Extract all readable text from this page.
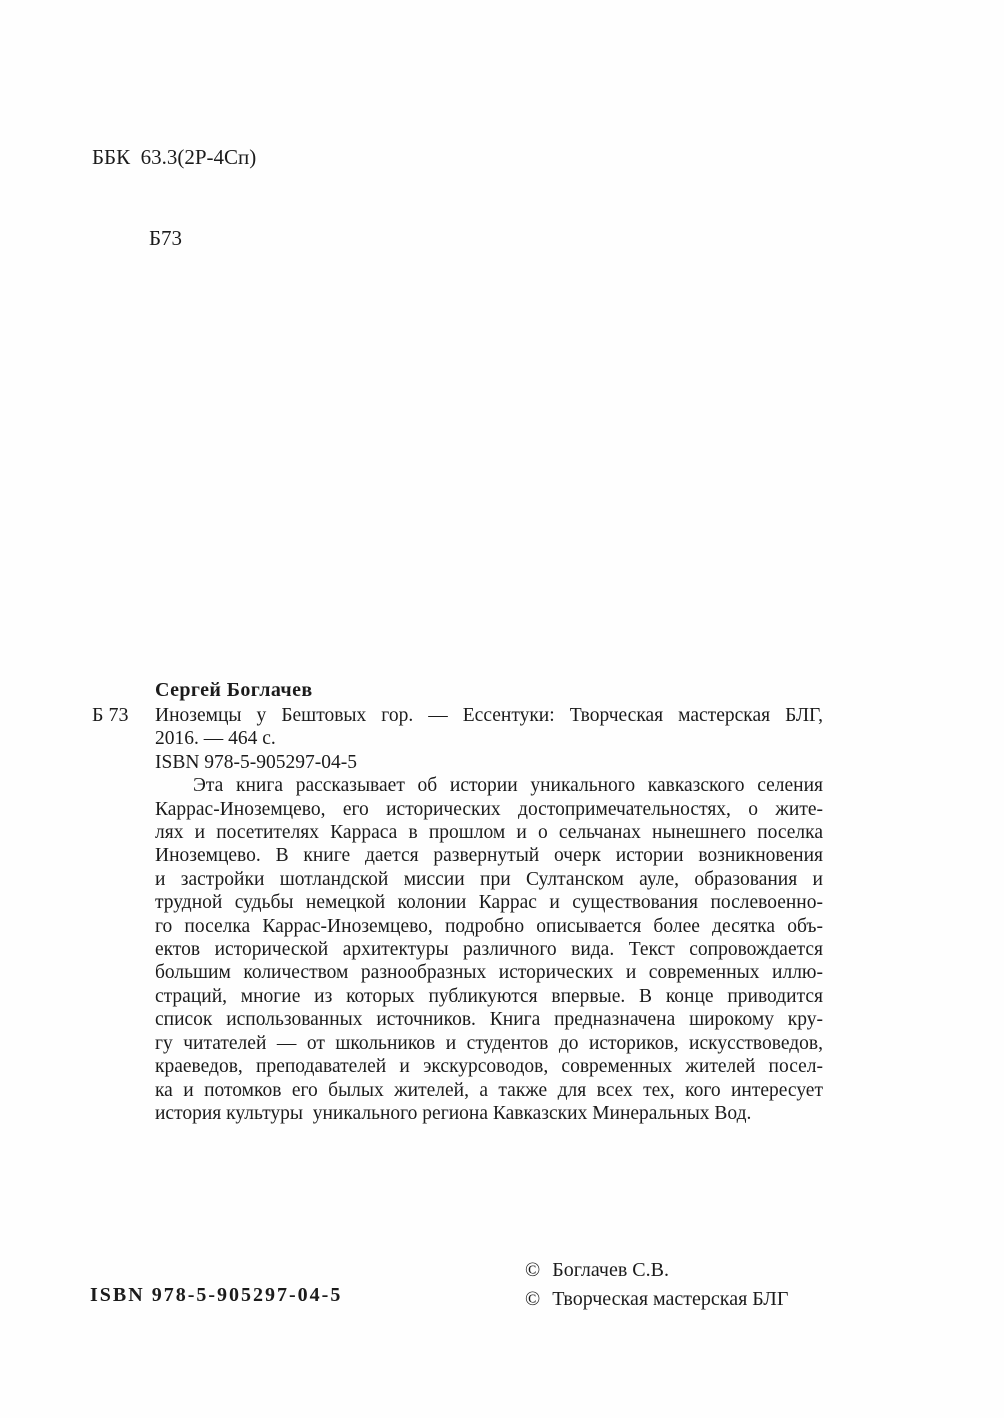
ББК  63.3(2Р-4Сп)

Б73

Сергей Боглачев
Б 73 Иноземцы у Бештовых гор. — Ессентуки: Творческая мастерская БЛГ,
2016. — 464 с.
ISBN 978-5-905297-04-5
Эта книга рассказывает об истории уникального кавказского селения
Каррас-Иноземцево, его исторических достопримечательностях, о жите-
лях и посетителях Карраса в прошлом и о сельчанах нынешнего поселка
Иноземцево. В книге дается развернутый очерк истории возникновения
и застройки шотландской миссии при Султанском ауле, образования и
трудной судьбы немецкой колонии Каррас и существования послевоенно-
го поселка Каррас-Иноземцево, подробно описывается более десятка объ-
ектов исторической архитектуры различного вида. Текст сопровождается
большим количеством разнообразных исторических и современных иллю-
страций, многие из которых публикуются впервые. В конце приводится
список использованных источников. Книга предназначена широкому кру-
гу читателей — от школьников и студентов до историков, искусствоведов,
краеведов, преподавателей и экскурсоводов, современных жителей посел-
ка и потомков его былых жителей, а также для всех тех, кого интересует
история культуры  уникального региона Кавказских Минеральных Вод.
ISBN 978-5-905297-04-5
© Боглачев С.В.
© Творческая мастерская БЛГ
